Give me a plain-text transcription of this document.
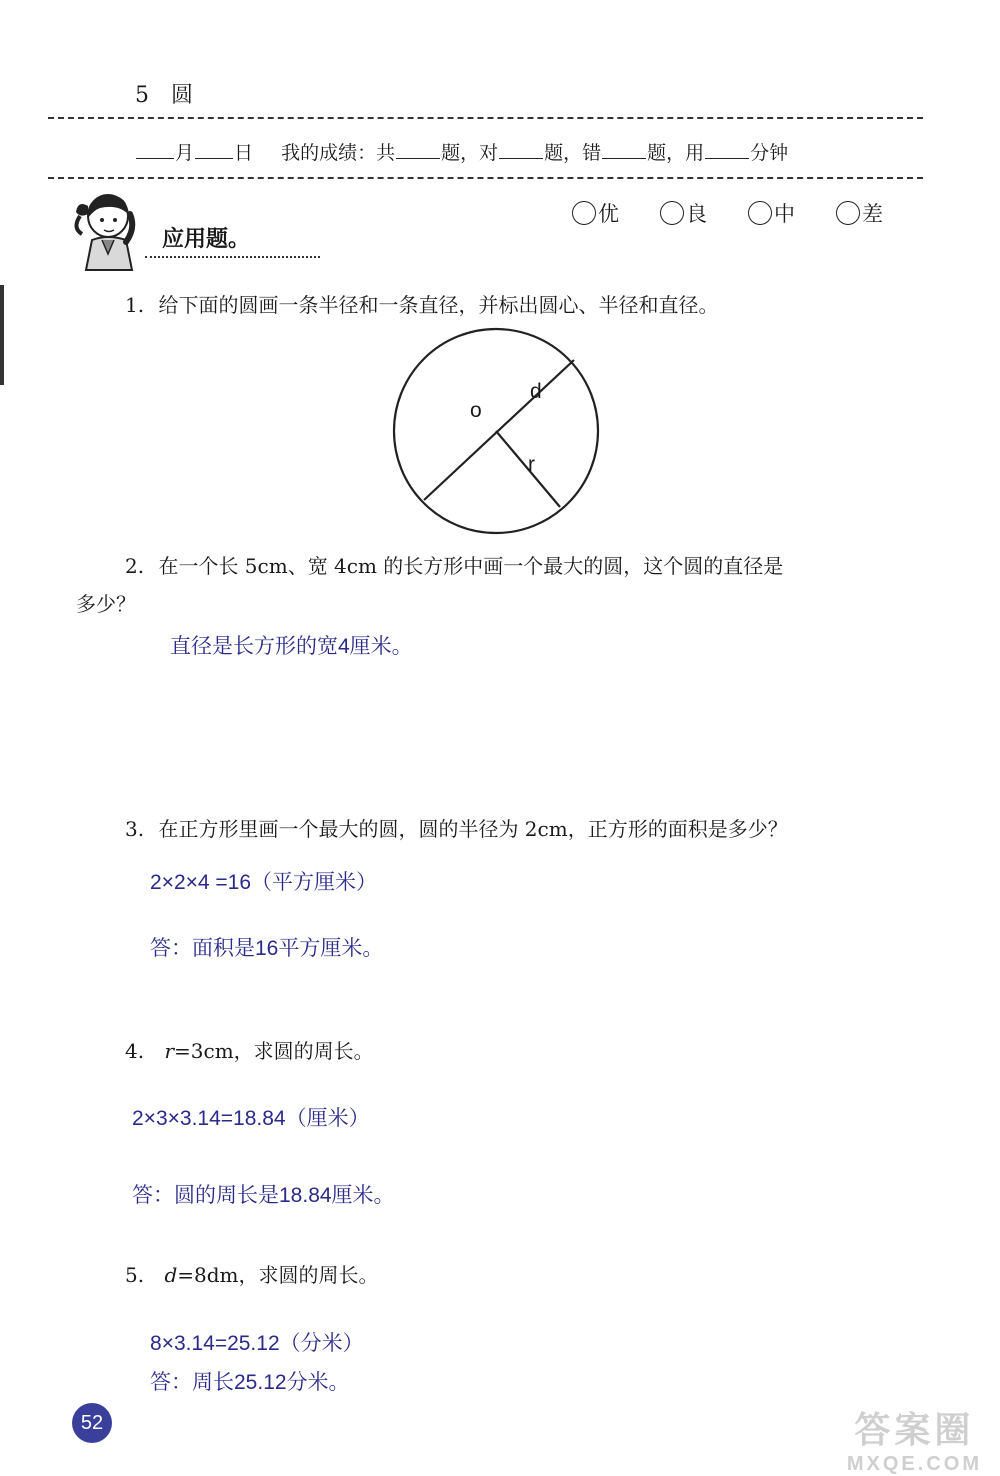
5 圆
月 日 我的成绩：共 题，对 题，错 题，用 分钟
优	良	中	差
应用题。
1. 给下面的圆画一条半径和一条直径，并标出圆心、半径和直径。
o
d
r
2. 在一个长 5cm、宽 4cm 的长方形中画一个最大的圆，这个圆的直径是
多少？
直径是长方形的宽4厘米。
3. 在正方形里画一个最大的圆，圆的半径为 2cm，正方形的面积是多少？
2×2×4 =16（平方厘米）
答：面积是16平方厘米。
4. r=3cm，求圆的周长。
2×3×3.14=18.84（厘米）
答：圆的周长是18.84厘米。
5. d=8dm，求圆的周长。
8×3.14=25.12（分米）
答：周长25.12分米。
52	答案圈
MXQE.COM
